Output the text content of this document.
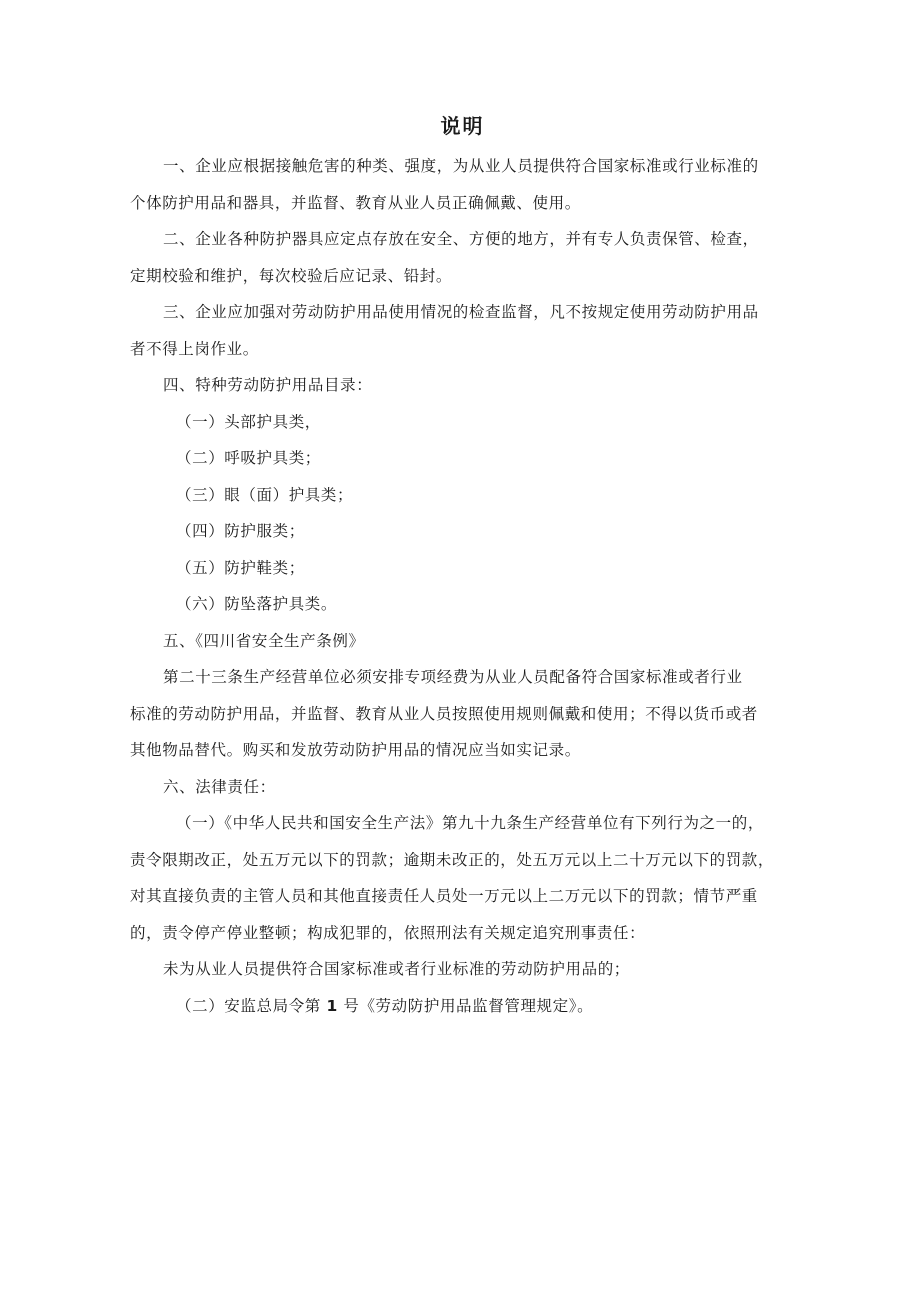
说明

一、企业应根据接触危害的种类、强度，为从业人员提供符合国家标准或行业标准的
个体防护用品和器具，并监督、教育从业人员正确佩戴、使用。

二、企业各种防护器具应定点存放在安全、方便的地方，并有专人负责保管、检查，
定期校验和维护，每次校验后应记录、铅封。

三、企业应加强对劳动防护用品使用情况的检查监督，凡不按规定使用劳动防护用品
者不得上岗作业。

四、特种劳动防护用品目录：

（一）头部护具类，

（二）呼吸护具类；

（三）眼（面）护具类；

（四）防护服类；

（五）防护鞋类；

（六）防坠落护具类。

五、《四川省安全生产条例》

第二十三条生产经营单位必须安排专项经费为从业人员配备符合国家标准或者行业
标准的劳动防护用品，并监督、教育从业人员按照使用规则佩戴和使用；不得以货币或者
其他物品替代。购买和发放劳动防护用品的情况应当如实记录。

六、法律责任：

（一）《中华人民共和国安全生产法》第九十九条生产经营单位有下列行为之一的，
责令限期改正，处五万元以下的罚款；逾期未改正的，处五万元以上二十万元以下的罚款，
对其直接负责的主管人员和其他直接责任人员处一万元以上二万元以下的罚款；情节严重
的，责令停产停业整顿；构成犯罪的，依照刑法有关规定追究刑事责任：

未为从业人员提供符合国家标准或者行业标准的劳动防护用品的；

（二）安监总局令第 1 号《劳动防护用品监督管理规定》。
